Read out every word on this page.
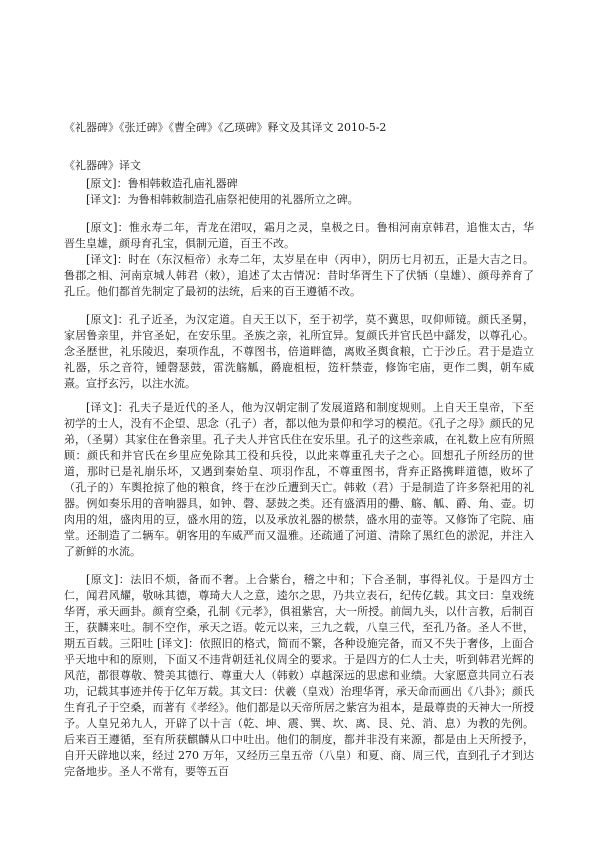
《礼器碑》《张迁碑》《曹全碑》《乙瑛碑》释文及其译文 2010-5-2
《礼器碑》译文

[原文]：鲁相韩敕造孔庙礼器碑

[译文]：为鲁相韩敕制造孔庙祭祀使用的礼器所立之碑。

[原文]：惟永寿二年，青龙在涒叹，霜月之灵，皇极之日。鲁相河南京韩君，追惟太古，华晋生皇雄，颜母育孔宝，俱制元道，百王不改。

[译文]：时在（东汉桓帝）永寿二年，太岁星在申（丙申），阴历七月初五，正是大吉之日。鲁郡之相、河南京城人韩君（敕），追述了太古情况：昔时华胥生下了伏牺（皇雄）、颜母养育了孔丘。他们都首先制定了最初的法统，后来的百王遵循不改。

[原文]：孔子近圣，为汉定道。自天王以下，至于初学，莫不冀思，叹仰师镜。颜氏圣舅，家居鲁亲里，并官圣妃，在安乐里。圣族之亲，礼所宜异。复颜氏并官氏邑中繇发，以尊孔心。念圣歴世，礼乐陵迟，秦项作乱，不尊图书，倍道畔德，离败圣舆食粮，亡于沙丘。君于是造立礼器，乐之音符，锺磬瑟鼓，雷洗觞觚，爵鹿柤梪，笾杆禁壶，修饰宅庙，更作二舆，朝车威熹。宣抒玄污，以注水流。

[译文]：孔夫子是近代的圣人，他为汉朝定制了发展道路和制度规则。上自天王皇帝，下至初学的士人，没有不企望、思念（孔子）者，都以他为景仰和学习的模范。《孔子之母》颜氏的兄弟，（圣舅）其家住在鲁亲里。孔子夫人并官氏住在安乐里。孔子的这些亲戚，在礼数上应有所照顾：颜氏和并官氏在乡里应免除其工役和兵役，以此来尊重孔夫子之心。回想孔子所经历的世道，那时已是礼崩乐坏，又遇到秦始皇、项羽作乱，不尊重图书，背弃正路携畔道德，败坏了（孔子的）车舆抢掠了他的粮食，终于在沙丘遭到天亡。韩敕（君）于是制造了许多祭祀用的礼器。例如奏乐用的音响器具，如钟、磬、瑟鼓之类。还有盛酒用的罍、觞、觚、爵、角、壶。切肉用的俎，盛肉用的豆，盛水用的笾，以及承放礼器的棜禁，盛水用的壶等。又修饰了宅院、庙堂。还制造了二辆车。朝客用的车威严而又温雅。还疏通了河道、清除了黑红色的淤泥，并注入了新鲜的水流。

[原文]：法旧不烦，备而不奢。上合紫台，稽之中和；下合圣制，事得礼仪。于是四方士仁，闻君风耀，敬咏其德，尊琦大人之意，逵尔之思，乃共立表石，纪传亿载。其文曰：皇戏统华胥，承天画卦。颜育空桑，孔制《元孝》，俱祖紫宫，大一所授。前闿九头，以什言教，后制百王，获麟来吐。制不空作，承天之语。乾元以来，三九之载，八皇三代，至孔乃备。圣人不世，期五百载。三阳吐 [译文]：依照旧的格式，简而不繁，各种设施完备，而又不失于奢侈，上面合乎天地中和的原则，下面又不违背朝廷礼仪周全的要求。于是四方的仁人士夫，听到韩君光辉的风范，都很尊敬、赞美其德行、尊重大人（韩敕）卓越深远的思虑和业绩。大家愿意共同立石表功，记载其事迹并传于亿年万载。其文曰：伏羲（皇戏）治理华胥，承天命而画出《八卦》；颜氏生育孔子于空桑，而著有《孝经》。他们都是以天帝所居之紫宫为祖本，是最尊贵的天神大一所授予。人皇兄弟九人，开辟了以十言（乾、坤、震、巽、坎、离、艮、兑、消、息）为教的先例。后来百王遵循，至有所获麒麟从口中吐出。他们的制度，都并非没有来源，都是由上天所授予，自开天辟地以来，经过 270 万年，又经历三皇五帝（八皇）和夏、商、周三代，直到孔子才到达完备地步。圣人不常有，要等五百
